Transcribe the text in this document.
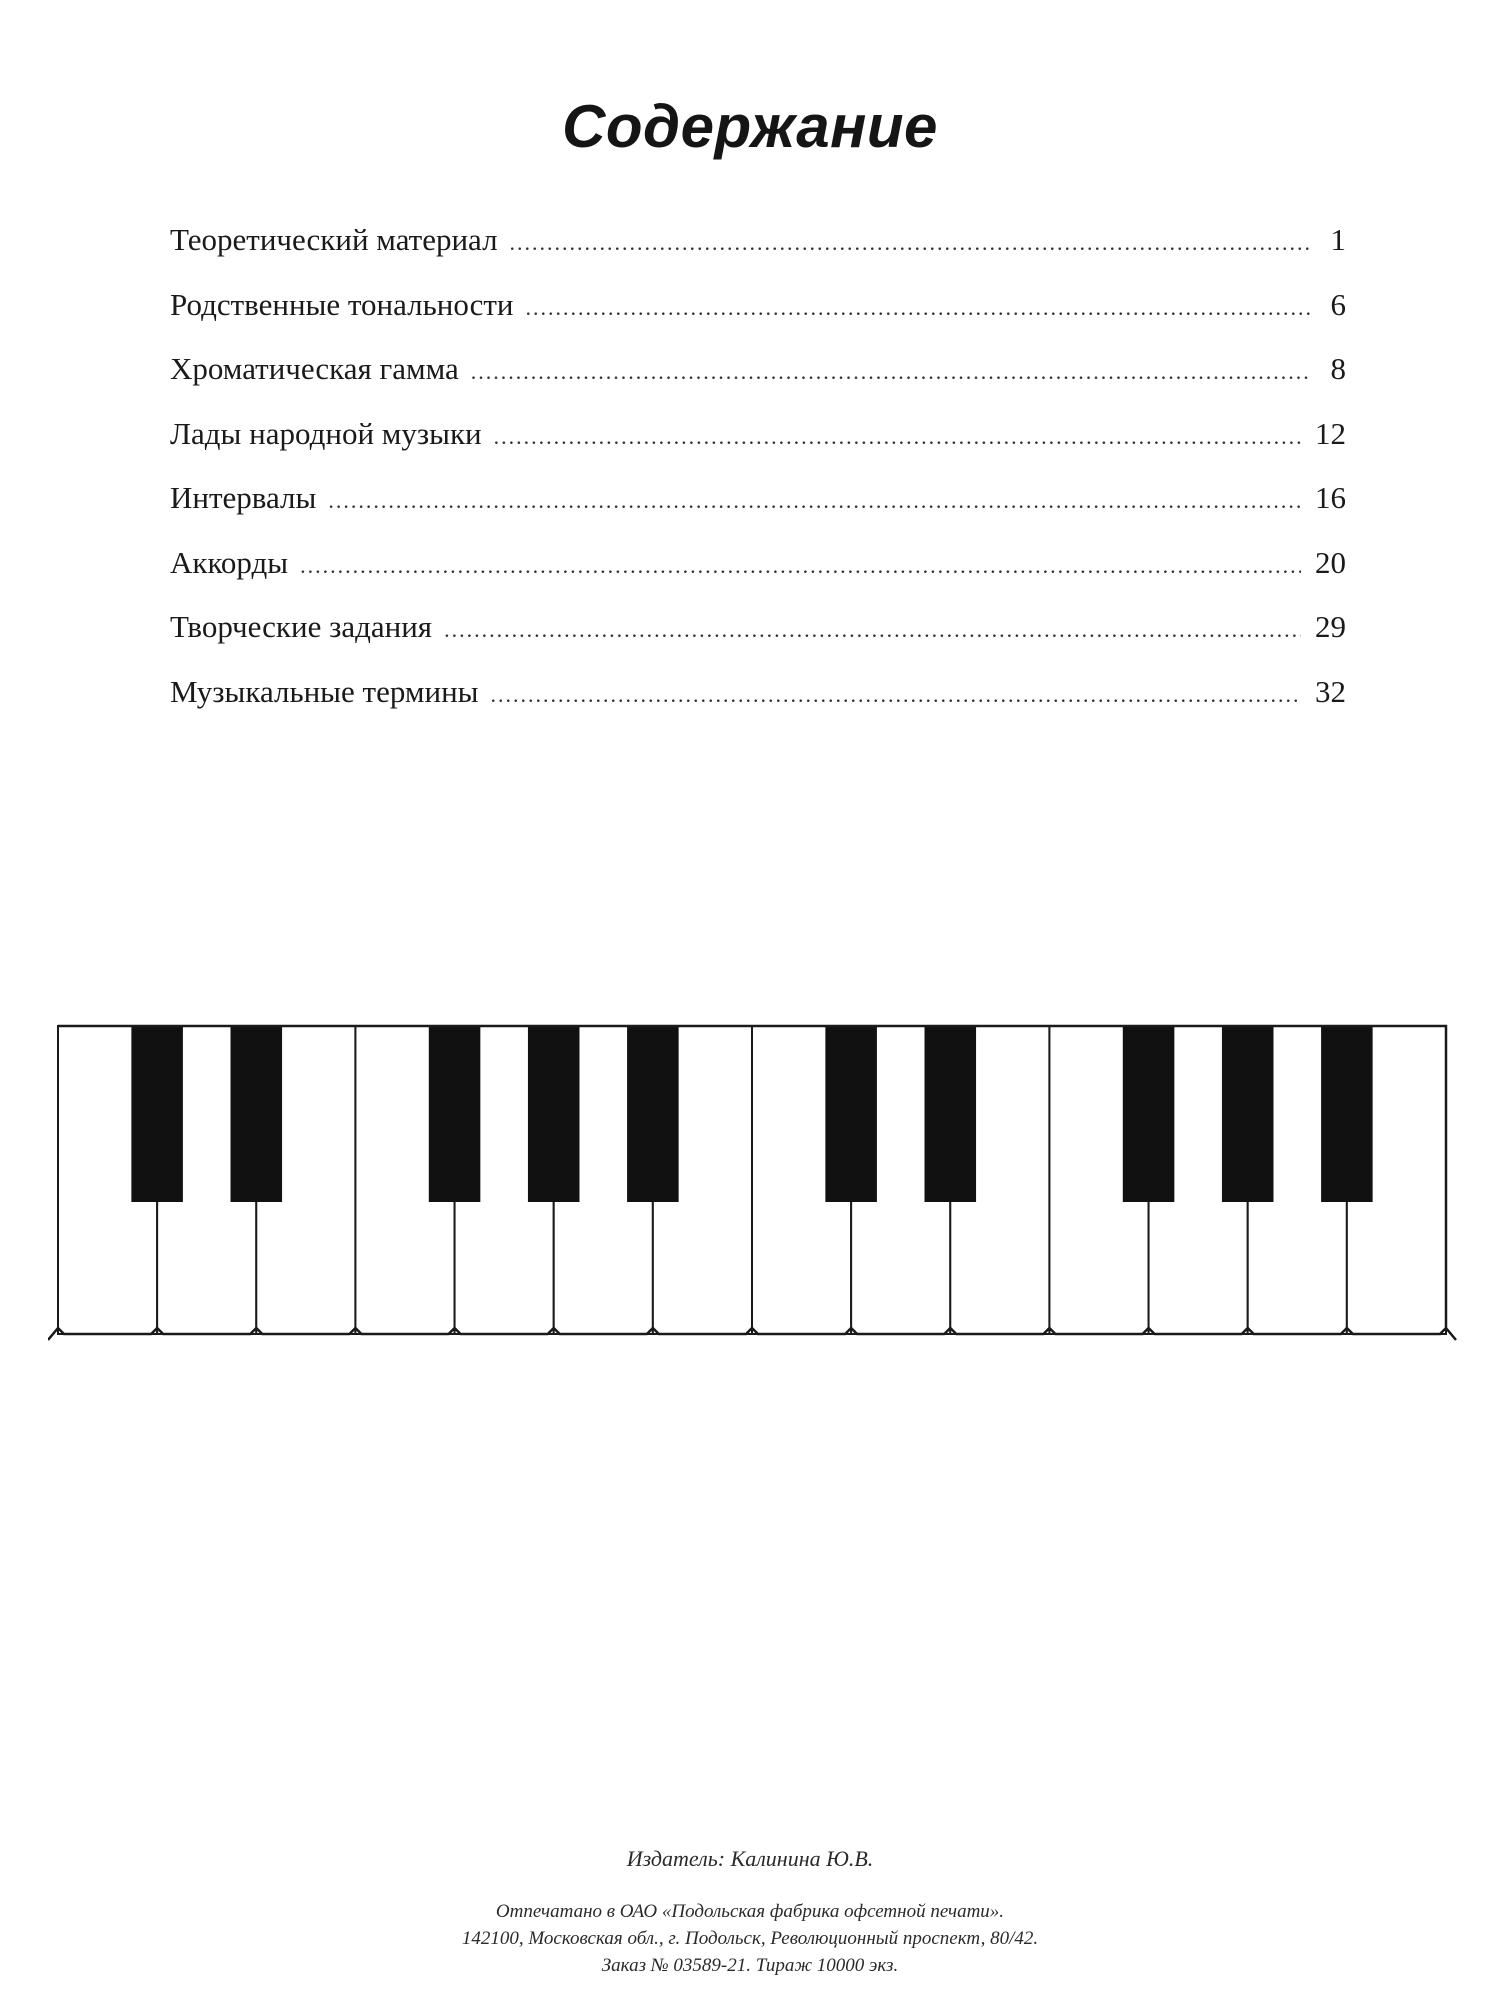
Содержание
Теоретический материал .....	1
Родственные тональности .....	6
Хроматическая гамма .....	8
Лады народной музыки .....	12
Интервалы .....	16
Аккорды .....	20
Творческие задания .....	29
Музыкальные термины .....	32
Издатель: Калинина Ю.В.
Отпечатано в ОАО «Подольская фабрика офсетной печати».
142100, Московская обл., г. Подольск, Революционный проспект, 80/42.
Заказ № 03589-21. Тираж 10000 экз.
